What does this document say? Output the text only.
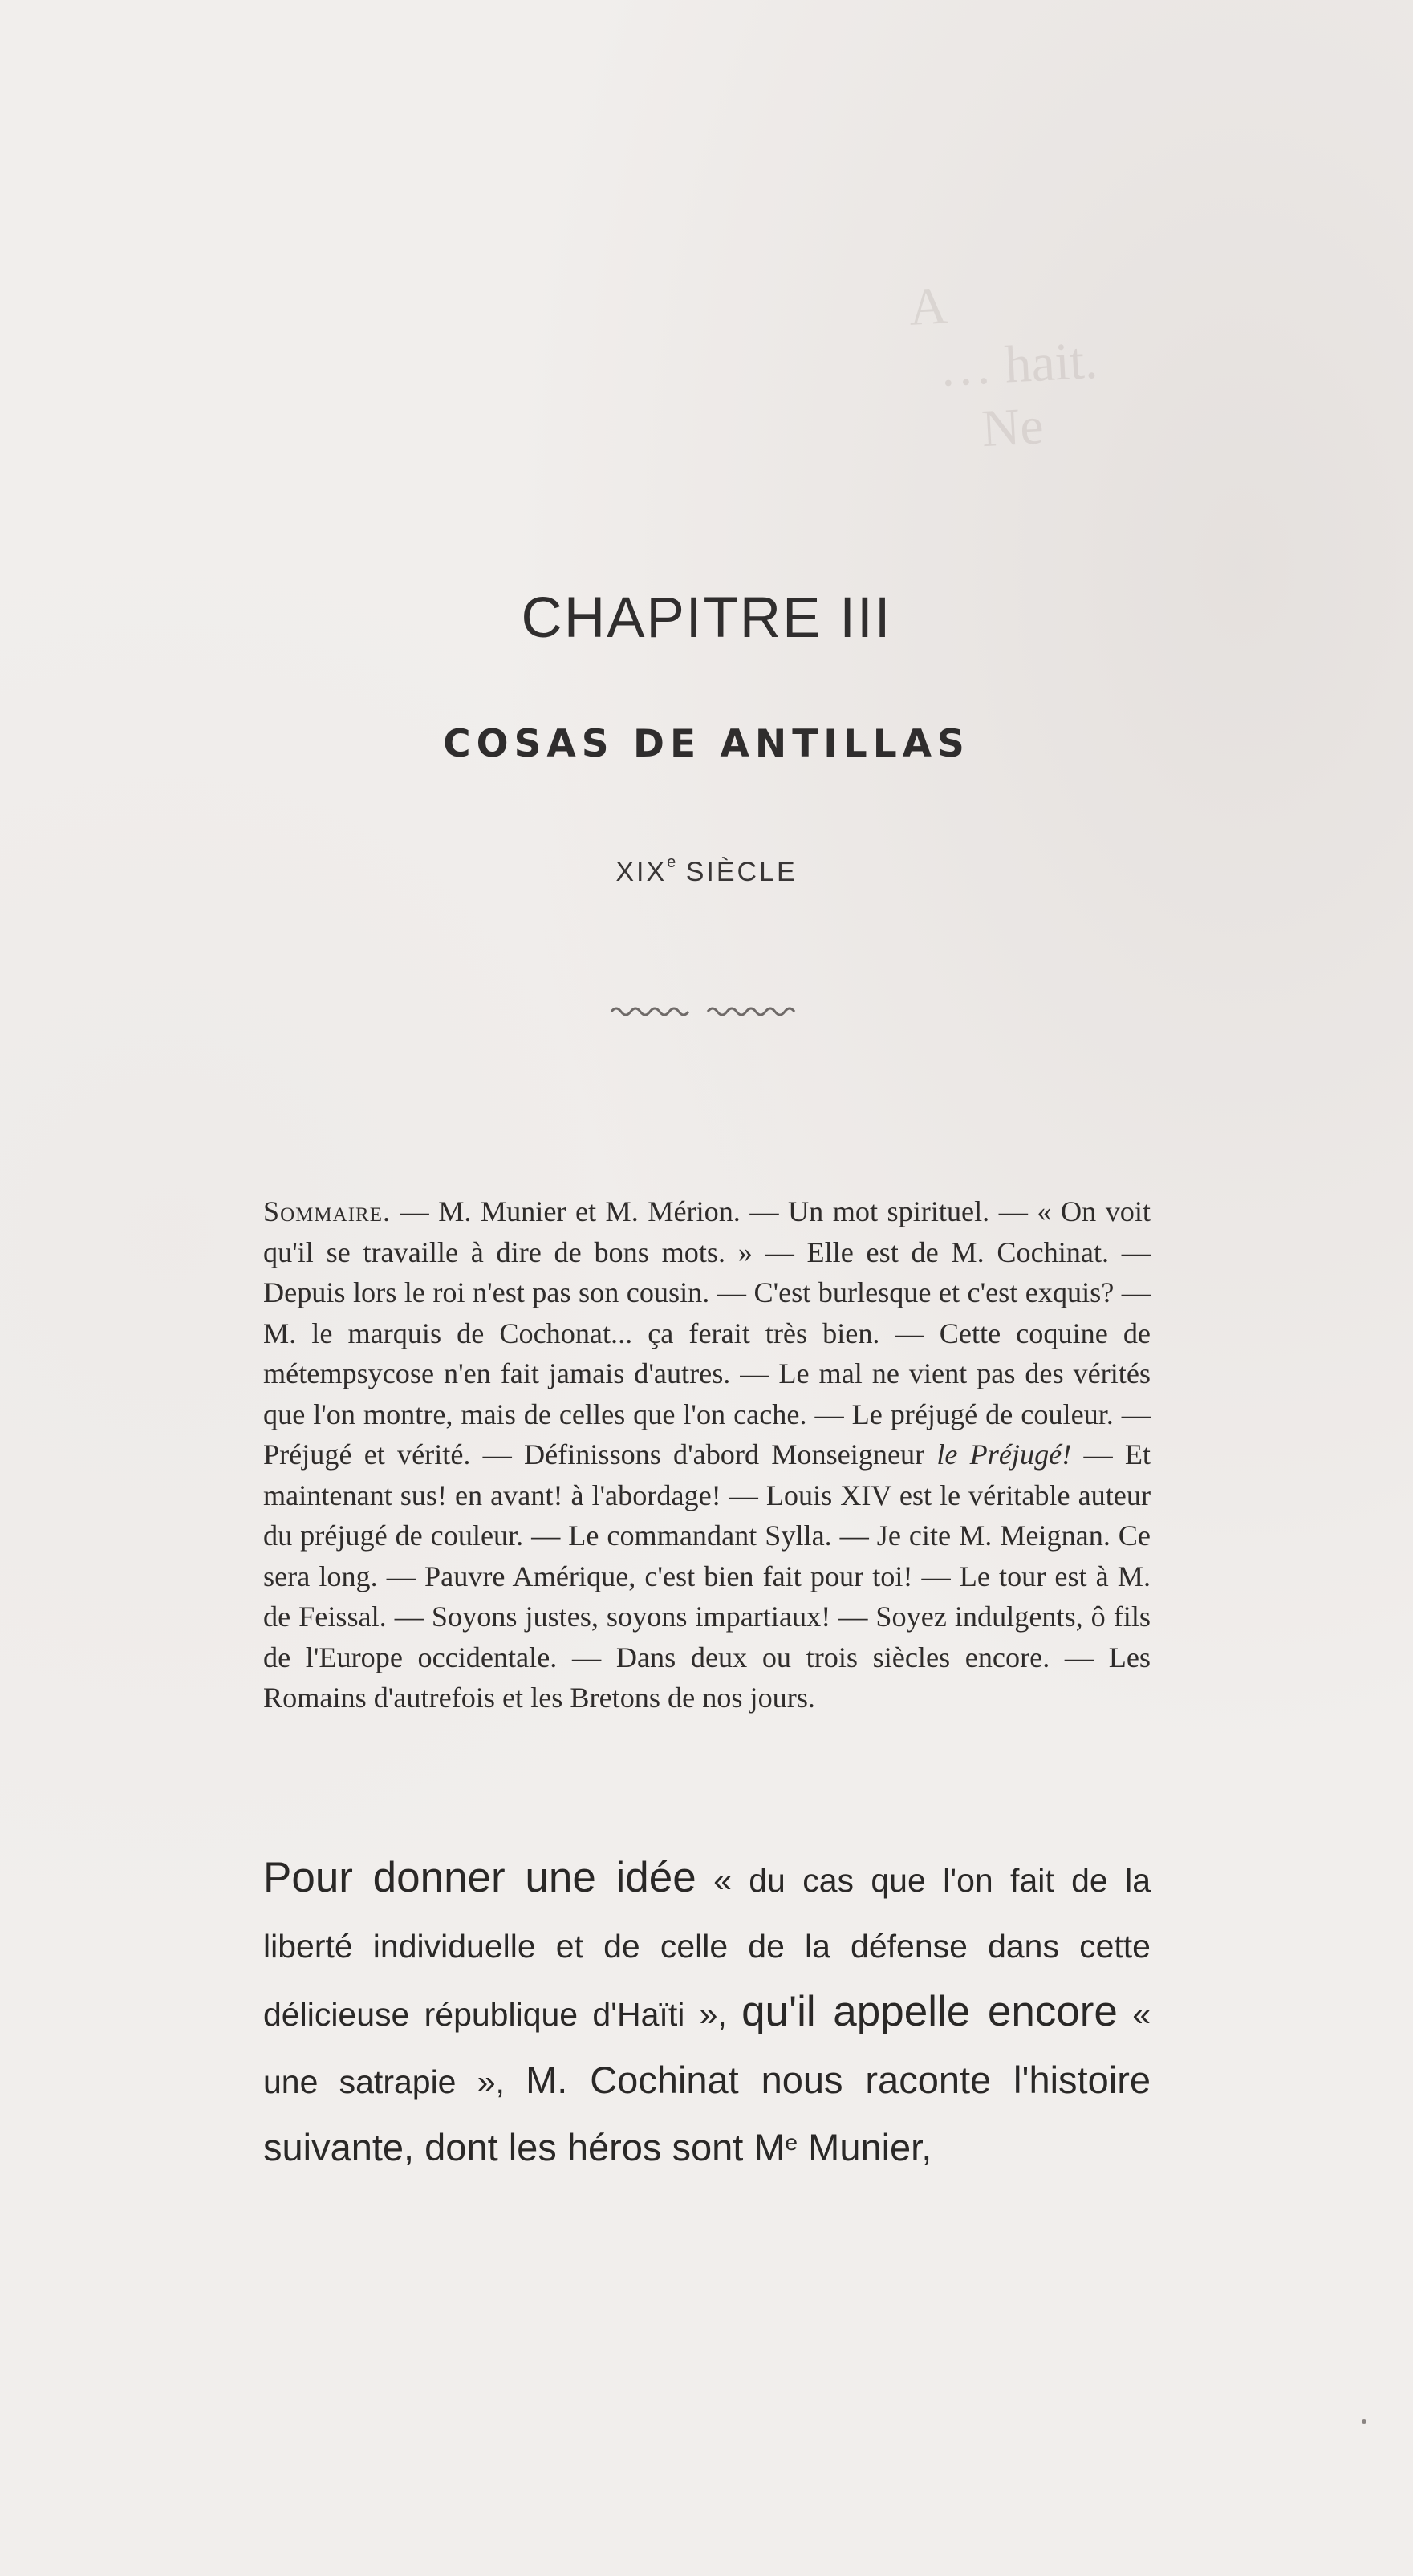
A
… hait.
Ne
CHAPITRE III
COSAS DE ANTILLAS
XIXe SIÈCLE

Sommaire. — M. Munier et M. Mérion. — Un mot spirituel. — « On voit qu'il se travaille à dire de bons mots. » — Elle est de M. Cochinat. — Depuis lors le roi n'est pas son cousin. — C'est burlesque et c'est exquis? — M. le marquis de Cochonat... ça ferait très bien. — Cette coquine de métempsycose n'en fait jamais d'autres. — Le mal ne vient pas des vérités que l'on montre, mais de celles que l'on cache. — Le préjugé de couleur. — Préjugé et vérité. — Définissons d'abord Monseigneur le Préjugé! — Et maintenant sus! en avant! à l'abordage! — Louis XIV est le véritable auteur du préjugé de couleur. — Le commandant Sylla. — Je cite M. Meignan. Ce sera long. — Pauvre Amérique, c'est bien fait pour toi! — Le tour est à M. de Feissal. — Soyons justes, soyons impartiaux! — Soyez indulgents, ô fils de l'Europe occidentale. — Dans deux ou trois siècles encore. — Les Romains d'autrefois et les Bretons de nos jours.

Pour donner une idée « du cas que l'on fait de la liberté individuelle et de celle de la défense dans cette délicieuse république d'Haïti », qu'il appelle encore « une satrapie », M. Cochinat nous raconte l'histoire suivante, dont les héros sont Me Munier,
